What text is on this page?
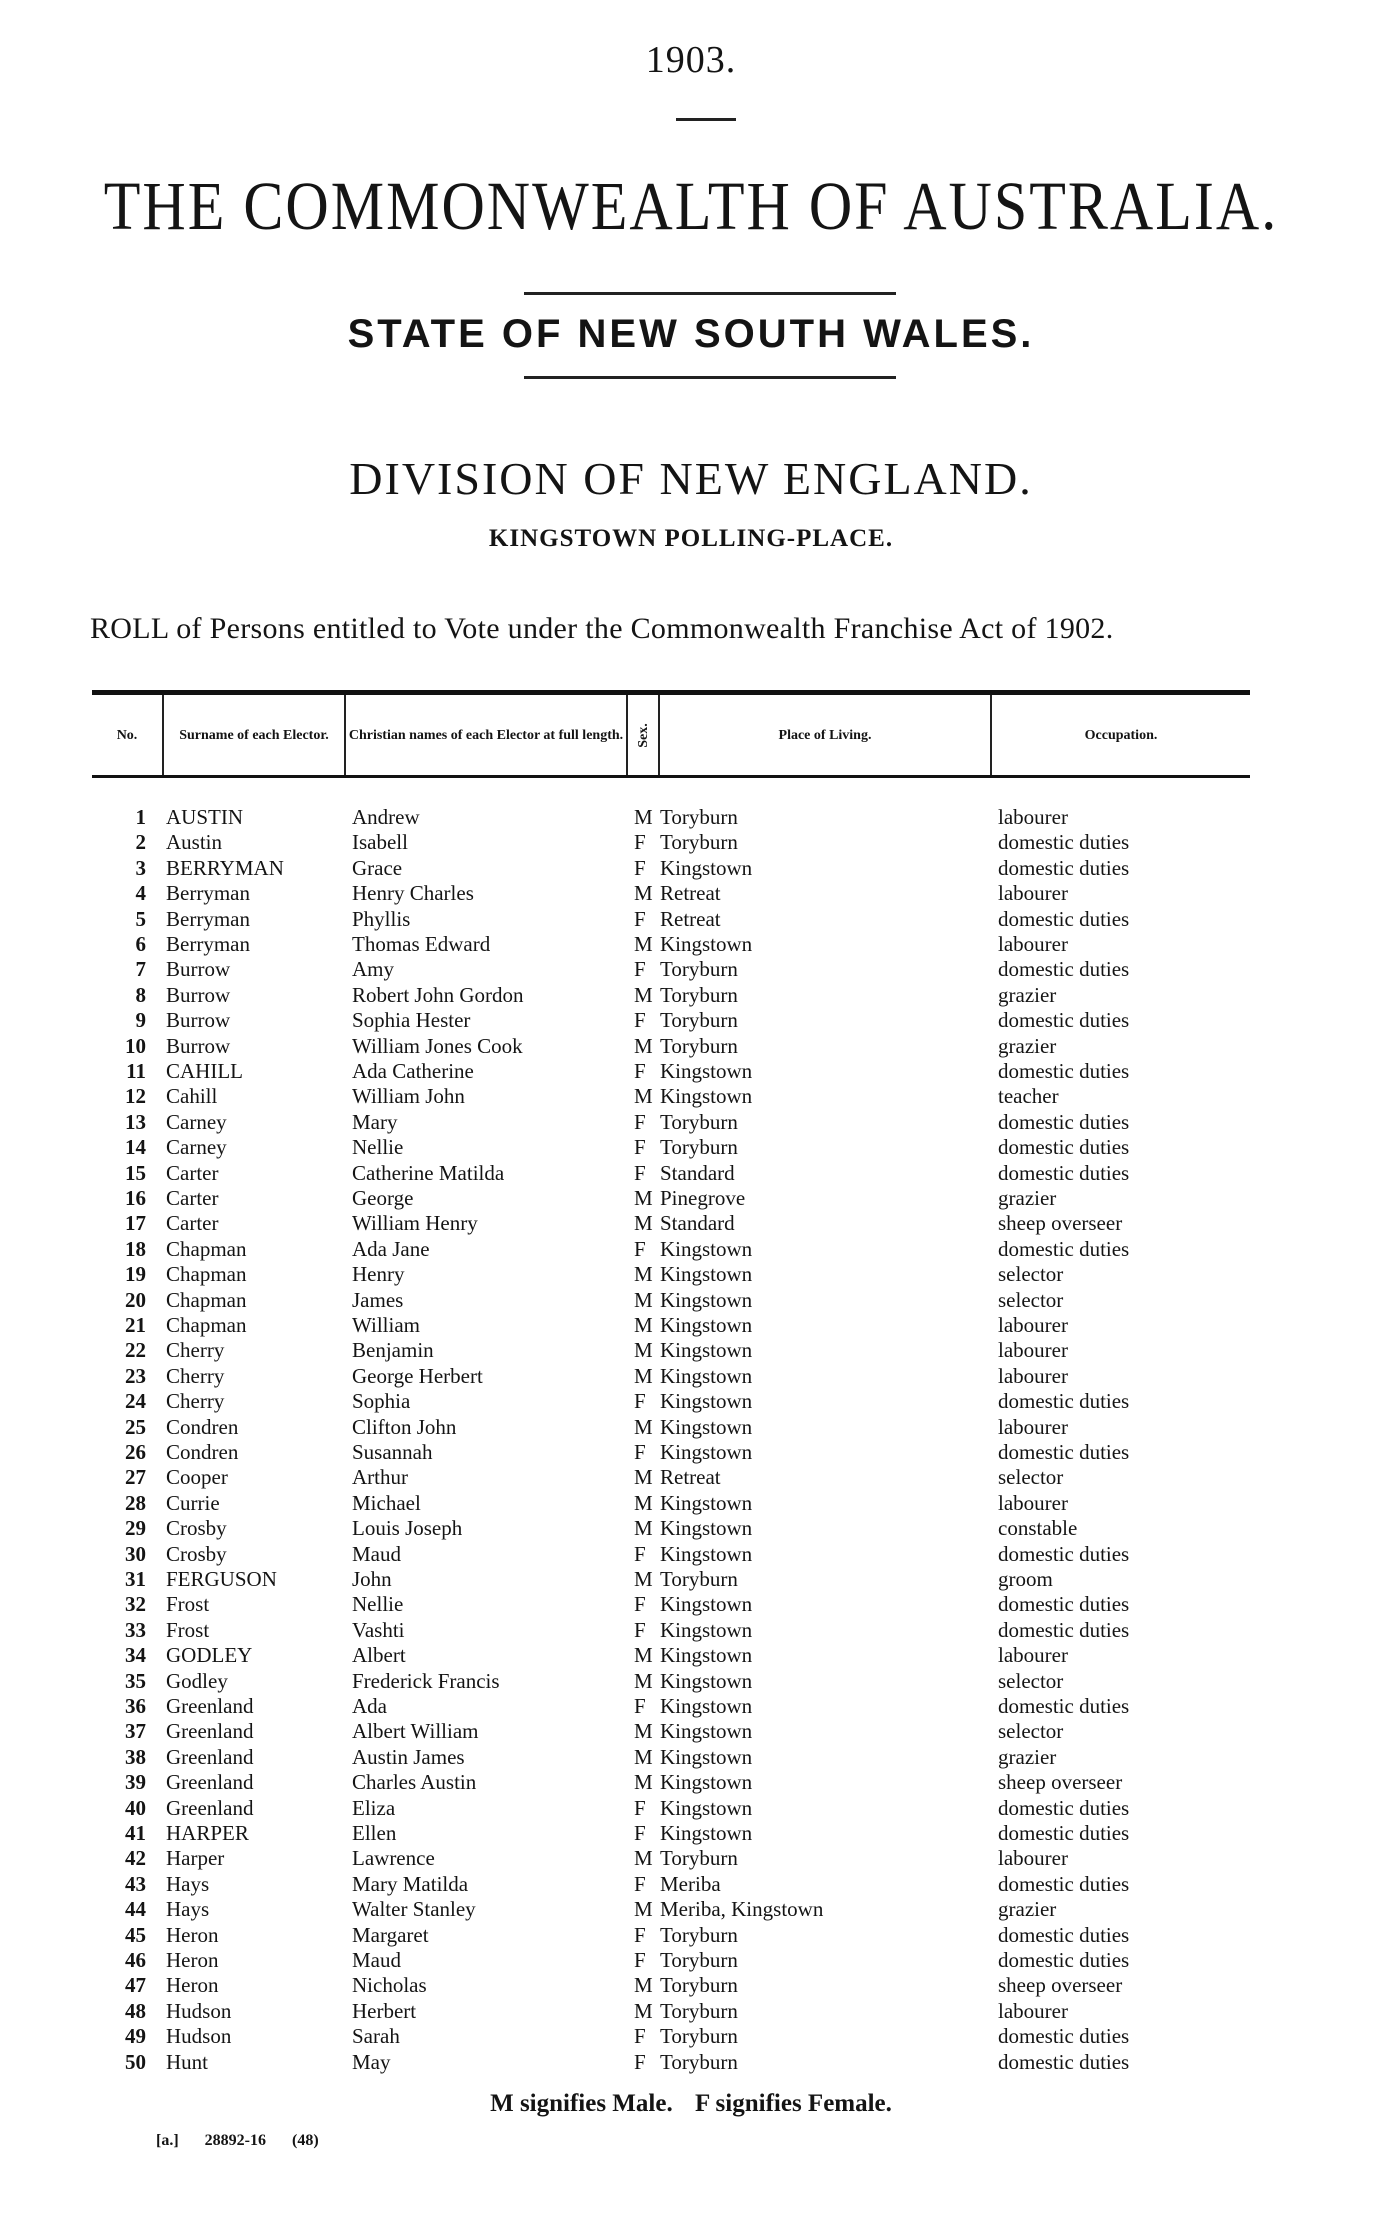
1903.
THE COMMONWEALTH OF AUSTRALIA.
STATE OF NEW SOUTH WALES.
DIVISION OF NEW ENGLAND.
KINGSTOWN POLLING-PLACE.
ROLL of Persons entitled to Vote under the Commonwealth Franchise Act of 1902.
No.	Surname of each Elector.	Christian names of each Elector at full length. Sex.	Place of Living.	Occupation.
1 AUSTIN	Andrew	M Toryburn	labourer
2 Austin	Isabell	F Toryburn	domestic duties
3 BERRYMAN	Grace	F Kingstown	domestic duties
4 Berryman	Henry Charles	M Retreat	labourer
5 Berryman	Phyllis	F Retreat	domestic duties
6 Berryman	Thomas Edward	M Kingstown	labourer
7 Burrow	Amy	F Toryburn	domestic duties
8 Burrow	Robert John Gordon	M Toryburn	grazier
9 Burrow	Sophia Hester	F Toryburn	domestic duties
10 Burrow	William Jones Cook	M Toryburn	grazier
11 CAHILL	Ada Catherine	F Kingstown	domestic duties
12 Cahill	William John	M Kingstown	teacher
13 Carney	Mary	F Toryburn	domestic duties
14 Carney	Nellie	F Toryburn	domestic duties
15 Carter	Catherine Matilda	F Standard	domestic duties
16 Carter	George	M Pinegrove	grazier
17 Carter	William Henry	M Standard	sheep overseer
18 Chapman	Ada Jane	F Kingstown	domestic duties
19 Chapman	Henry	M Kingstown	selector
20 Chapman	James	M Kingstown	selector
21 Chapman	William	M Kingstown	labourer
22 Cherry	Benjamin	M Kingstown	labourer
23 Cherry	George Herbert	M Kingstown	labourer
24 Cherry	Sophia	F Kingstown	domestic duties
25 Condren	Clifton John	M Kingstown	labourer
26 Condren	Susannah	F Kingstown	domestic duties
27 Cooper	Arthur	M Retreat	selector
28 Currie	Michael	M Kingstown	labourer
29 Crosby	Louis Joseph	M Kingstown	constable
30 Crosby	Maud	F Kingstown	domestic duties
31 FERGUSON	John	M Toryburn	groom
32 Frost	Nellie	F Kingstown	domestic duties
33 Frost	Vashti	F Kingstown	domestic duties
34 GODLEY	Albert	M Kingstown	labourer
35 Godley	Frederick Francis	M Kingstown	selector
36 Greenland	Ada	F Kingstown	domestic duties
37 Greenland	Albert William	M Kingstown	selector
38 Greenland	Austin James	M Kingstown	grazier
39 Greenland	Charles Austin	M Kingstown	sheep overseer
40 Greenland	Eliza	F Kingstown	domestic duties
41 HARPER	Ellen	F Kingstown	domestic duties
42 Harper	Lawrence	M Toryburn	labourer
43 Hays	Mary Matilda	F Meriba	domestic duties
44 Hays	Walter Stanley	M Meriba, Kingstown	grazier
45 Heron	Margaret	F Toryburn	domestic duties
46 Heron	Maud	F Toryburn	domestic duties
47 Heron	Nicholas	M Toryburn	sheep overseer
48 Hudson	Herbert	M Toryburn	labourer
49 Hudson	Sarah	F Toryburn	domestic duties
50 Hunt	May	F Toryburn	domestic duties
M signifies Male. F signifies Female.
[a.] 28892-16 (48)
